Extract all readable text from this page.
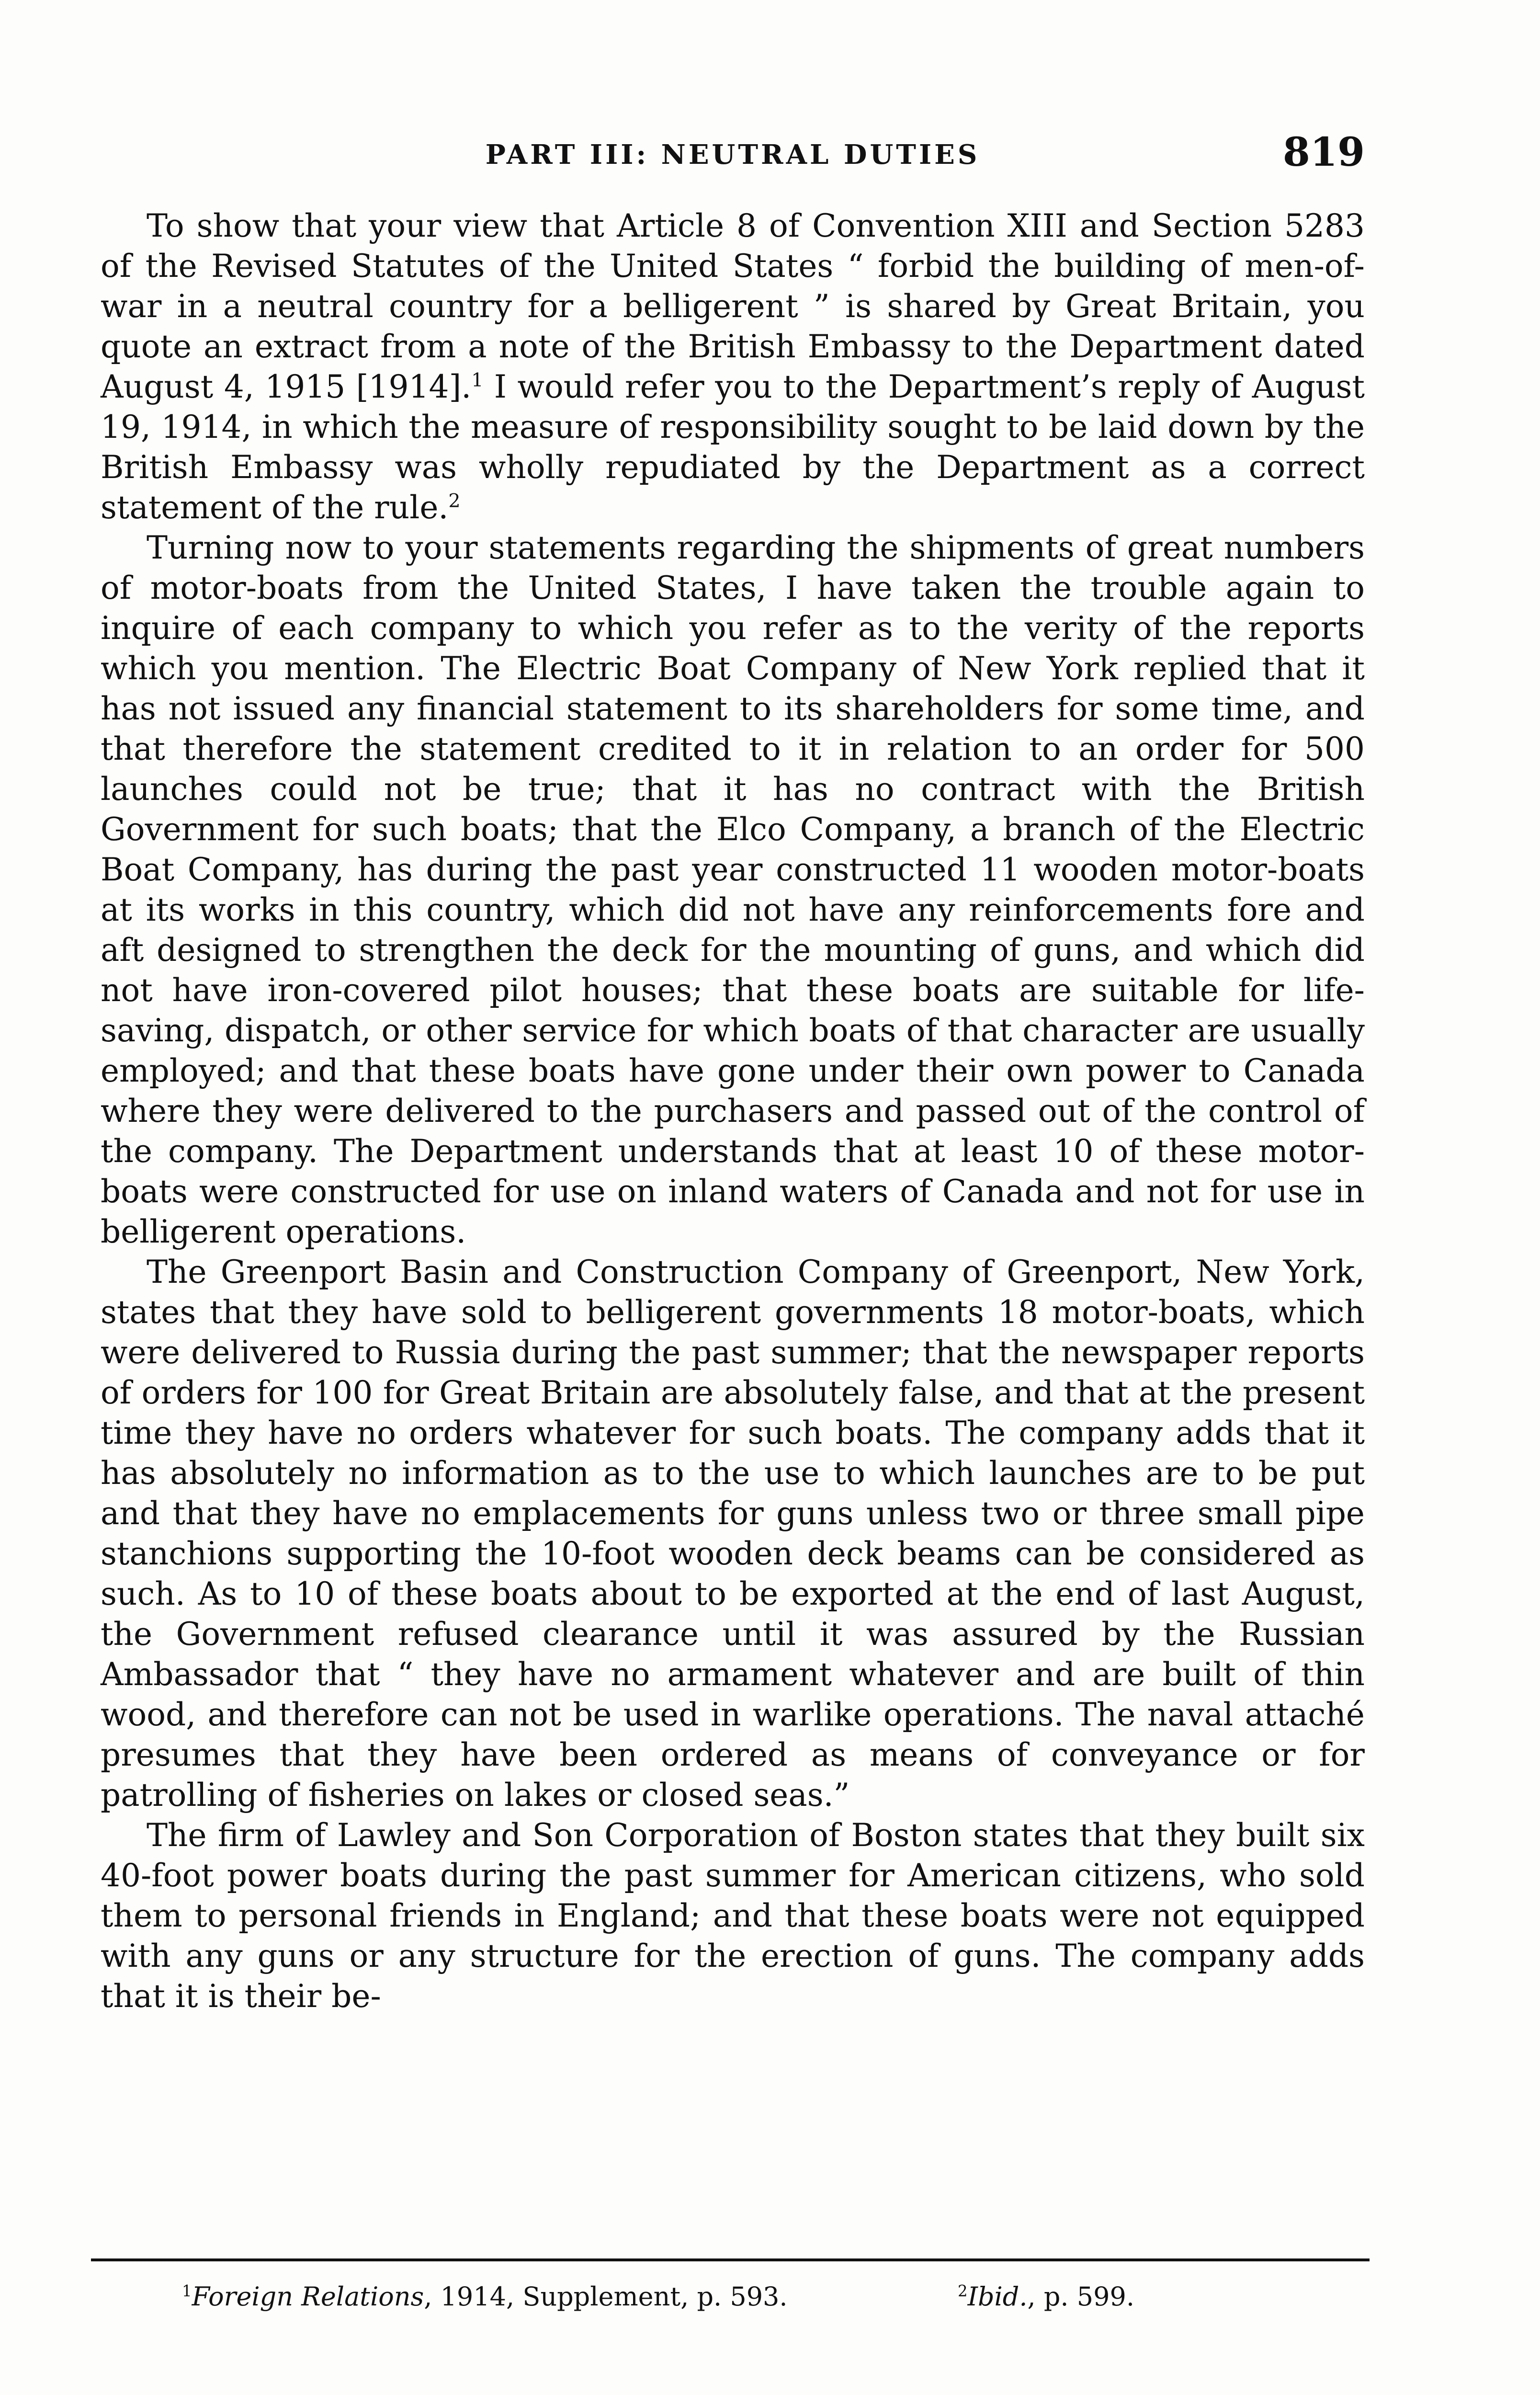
PART III: NEUTRAL DUTIES	819

To show that your view that Article 8 of Convention XIII and Section 5283 of the Revised Statutes of the United States “ forbid the building of men-of-war in a neutral country for a belligerent ” is shared by Great Britain, you quote an extract from a note of the British Embassy to the Department dated August 4, 1915 [1914].$^1$ I would refer you to the Department’s reply of August 19, 1914, in which the measure of responsibility sought to be laid down by the British Embassy was wholly repudiated by the Department as a correct statement of the rule.$^2$

Turning now to your statements regarding the shipments of great numbers of motor-boats from the United States, I have taken the trouble again to inquire of each company to which you refer as to the verity of the reports which you mention. The Electric Boat Company of New York replied that it has not issued any financial statement to its shareholders for some time, and that therefore the statement credited to it in relation to an order for 500 launches could not be true; that it has no contract with the British Government for such boats; that the Elco Company, a branch of the Electric Boat Company, has during the past year constructed 11 wooden motor-boats at its works in this country, which did not have any reinforcements fore and aft designed to strengthen the deck for the mounting of guns, and which did not have iron-covered pilot houses; that these boats are suitable for life-saving, dispatch, or other service for which boats of that character are usually employed; and that these boats have gone under their own power to Canada where they were delivered to the purchasers and passed out of the control of the company. The Department understands that at least 10 of these motor-boats were constructed for use on inland waters of Canada and not for use in belligerent operations.

The Greenport Basin and Construction Company of Greenport, New York, states that they have sold to belligerent governments 18 motor-boats, which were delivered to Russia during the past summer; that the newspaper reports of orders for 100 for Great Britain are absolutely false, and that at the present time they have no orders whatever for such boats. The company adds that it has absolutely no information as to the use to which launches are to be put and that they have no emplacements for guns unless two or three small pipe stanchions supporting the 10-foot wooden deck beams can be considered as such. As to 10 of these boats about to be exported at the end of last August, the Government refused clearance until it was assured by the Russian Ambassador that “ they have no armament whatever and are built of thin wood, and therefore can not be used in warlike operations. The naval attaché presumes that they have been ordered as means of conveyance or for patrolling of fisheries on lakes or closed seas.”

The firm of Lawley and Son Corporation of Boston states that they built six 40-foot power boats during the past summer for American citizens, who sold them to personal friends in England; and that these boats were not equipped with any guns or any structure for the erection of guns. The company adds that it is their be-

$^1$Foreign Relations, 1914, Supplement, p. 593.	$^2$Ibid., p. 599.
